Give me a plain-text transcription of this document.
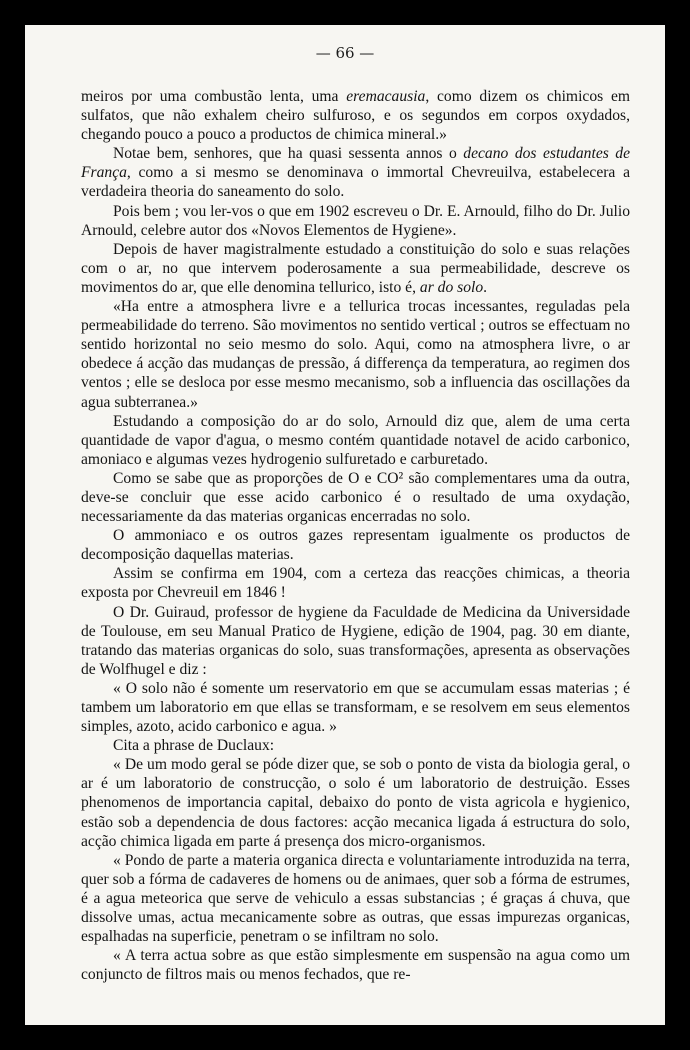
— 66 —

meiros por uma combustão lenta, uma eremacausia, como dizem os chimicos em sulfatos, que não exhalem cheiro sulfuroso, e os segundos em corpos oxydados, chegando pouco a pouco a productos de chimica mineral.»

Notae bem, senhores, que ha quasi sessenta annos o decano dos estudantes de França, como a si mesmo se denominava o immortal Chevreuilva, estabelecera a verdadeira theoria do saneamento do solo.

Pois bem ; vou ler-vos o que em 1902 escreveu o Dr. E. Arnould, filho do Dr. Julio Arnould, celebre autor dos «Novos Elementos de Hygiene».

Depois de haver magistralmente estudado a constituição do solo e suas relações com o ar, no que intervem poderosamente a sua permeabilidade, descreve os movimentos do ar, que elle denomina tellurico, isto é, ar do solo.

«Ha entre a atmosphera livre e a tellurica trocas incessantes, reguladas pela permeabilidade do terreno. São movimentos no sentido vertical ; outros se effectuam no sentido horizontal no seio mesmo do solo. Aqui, como na atmosphera livre, o ar obedece á acção das mudanças de pressão, á differença da temperatura, ao regimen dos ventos ; elle se desloca por esse mesmo mecanismo, sob a influencia das oscillações da agua subterranea.»

Estudando a composição do ar do solo, Arnould diz que, alem de uma certa quantidade de vapor d'agua, o mesmo contém quantidade notavel de acido carbonico, amoniaco e algumas vezes hydrogenio sulfuretado e carburetado.

Como se sabe que as proporções de O e CO² são complementares uma da outra, deve-se concluir que esse acido carbonico é o resultado de uma oxydação, necessariamente da das materias organicas encerradas no solo.

O ammoniaco e os outros gazes representam igualmente os productos de decomposição daquellas materias.

Assim se confirma em 1904, com a certeza das reacções chimicas, a theoria exposta por Chevreuil em 1846 !

O Dr. Guiraud, professor de hygiene da Faculdade de Medicina da Universidade de Toulouse, em seu Manual Pratico de Hygiene, edição de 1904, pag. 30 em diante, tratando das materias organicas do solo, suas transformações, apresenta as observações de Wolfhugel e diz :

« O solo não é somente um reservatorio em que se accumulam essas materias ; é tambem um laboratorio em que ellas se transformam, e se resolvem em seus elementos simples, azoto, acido carbonico e agua. »

Cita a phrase de Duclaux:

« De um modo geral se póde dizer que, se sob o ponto de vista da biologia geral, o ar é um laboratorio de construcção, o solo é um laboratorio de destruição. Esses phenomenos de importancia capital, debaixo do ponto de vista agricola e hygienico, estão sob a dependencia de dous factores: acção mecanica ligada á estructura do solo, acção chimica ligada em parte á presença dos micro-organismos.

« Pondo de parte a materia organica directa e voluntariamente introduzida na terra, quer sob a fórma de cadaveres de homens ou de animaes, quer sob a fórma de estrumes, é a agua meteorica que serve de vehiculo a essas substancias ; é graças á chuva, que dissolve umas, actua mecanicamente sobre as outras, que essas impurezas organicas, espalhadas na superficie, penetram o se infiltram no solo.

« A terra actua sobre as que estão simplesmente em suspensão na agua como um conjuncto de filtros mais ou menos fechados, que re-
